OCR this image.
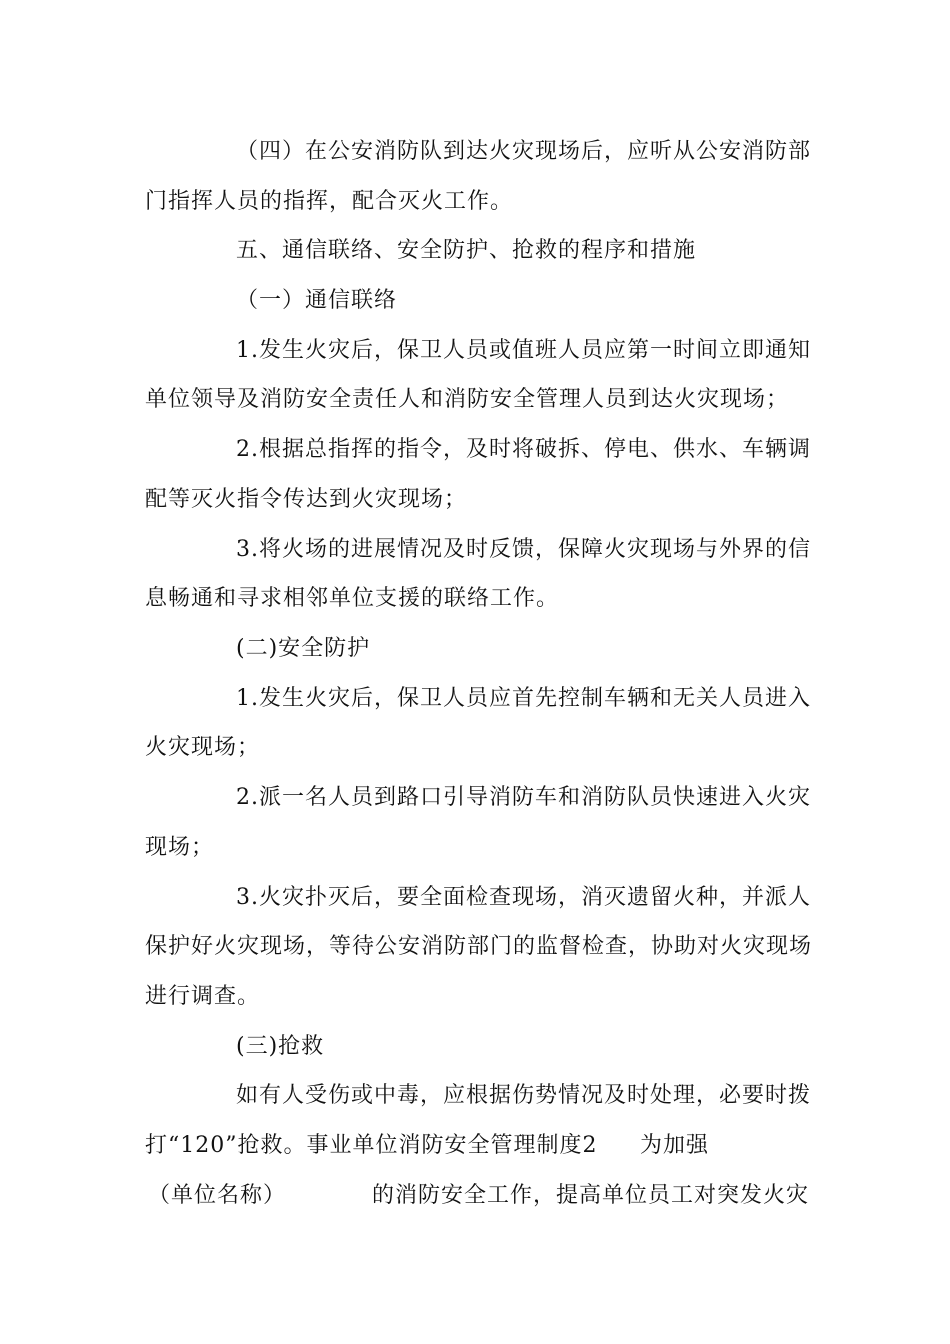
（四）在公安消防队到达火灾现场后，应听从公安消防部
门指挥人员的指挥，配合灭火工作。
五、通信联络、安全防护、抢救的程序和措施
（一）通信联络
1.发生火灾后，保卫人员或值班人员应第一时间立即通知
单位领导及消防安全责任人和消防安全管理人员到达火灾现场；
2.根据总指挥的指令，及时将破拆、停电、供水、车辆调
配等灭火指令传达到火灾现场；
3.将火场的进展情况及时反馈，保障火灾现场与外界的信
息畅通和寻求相邻单位支援的联络工作。
(二)安全防护
1.发生火灾后，保卫人员应首先控制车辆和无关人员进入
火灾现场；
2.派一名人员到路口引导消防车和消防队员快速进入火灾
现场；
3.火灾扑灭后，要全面检查现场，消灭遗留火种，并派人
保护好火灾现场，等待公安消防部门的监督检查，协助对火灾现场
进行调查。
(三)抢救
如有人受伤或中毒，应根据伤势情况及时处理，必要时拨

打“120”抢救。事业单位消防安全管理制度2

为加强

（单位名称）

	的消防安全工作，提高单位员工对突发火灾
